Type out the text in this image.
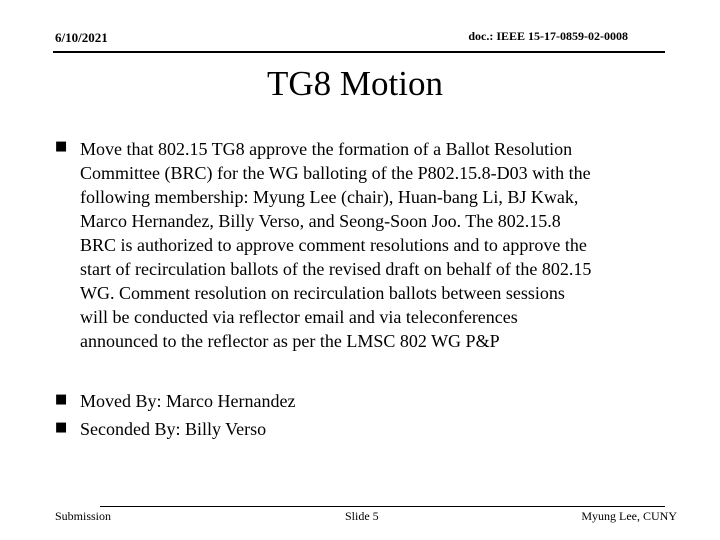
6/10/2021	doc.: IEEE 15-17-0859-02-0008
TG8 Motion
■ Move that 802.15 TG8 approve the formation of a Ballot Resolution
Committee (BRC) for the WG balloting of the P802.15.8-D03 with the
following membership: Myung Lee (chair), Huan-bang Li, BJ Kwak,
Marco Hernandez, Billy Verso, and Seong-Soon Joo. The 802.15.8
BRC is authorized to approve comment resolutions and to approve the
start of recirculation ballots of the revised draft on behalf of the 802.15
WG. Comment resolution on recirculation ballots between sessions
will be conducted via reflector email and via teleconferences
announced to the reflector as per the LMSC 802 WG P&P
■ Moved By: Marco Hernandez
■ Seconded By: Billy Verso
Submission	Slide 5	Myung Lee, CUNY
